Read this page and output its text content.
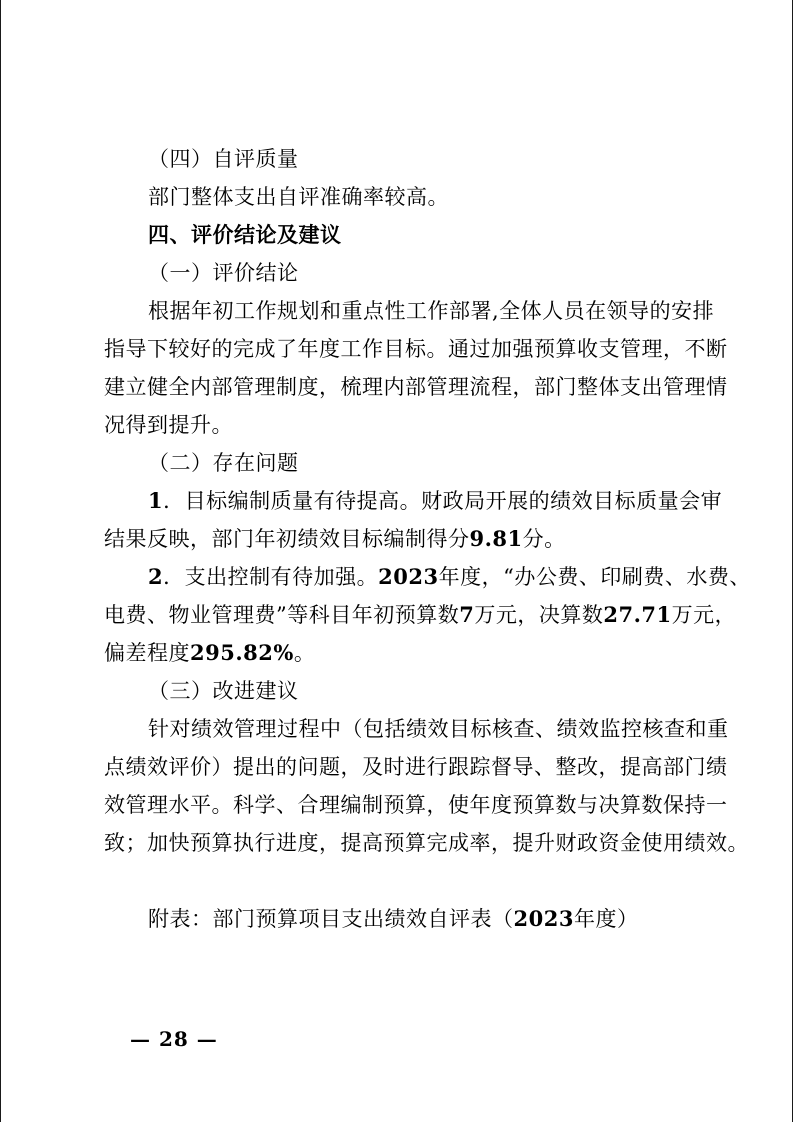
（四）自评质量
部门整体支出自评准确率较高。
四、评价结论及建议
（一）评价结论
根据年初工作规划和重点性工作部署,全体人员在领导的安排
指导下较好的完成了年度工作目标。通过加强预算收支管理，不断
建立健全内部管理制度，梳理内部管理流程，部门整体支出管理情
况得到提升。
（二）存在问题
1．目标编制质量有待提高。财政局开展的绩效目标质量会审
结果反映，部门年初绩效目标编制得分9.81分。
2．支出控制有待加强。2023年度，“办公费、印刷费、水费、
电费、物业管理费”等科目年初预算数7万元，决算数27.71万元，
偏差程度295.82%。
（三）改进建议
针对绩效管理过程中（包括绩效目标核查、绩效监控核查和重
点绩效评价）提出的问题，及时进行跟踪督导、整改，提高部门绩
效管理水平。科学、合理编制预算，使年度预算数与决算数保持一
致；加快预算执行进度，提高预算完成率，提升财政资金使用绩效。
附表：部门预算项目支出绩效自评表（2023年度）
— 28 —
